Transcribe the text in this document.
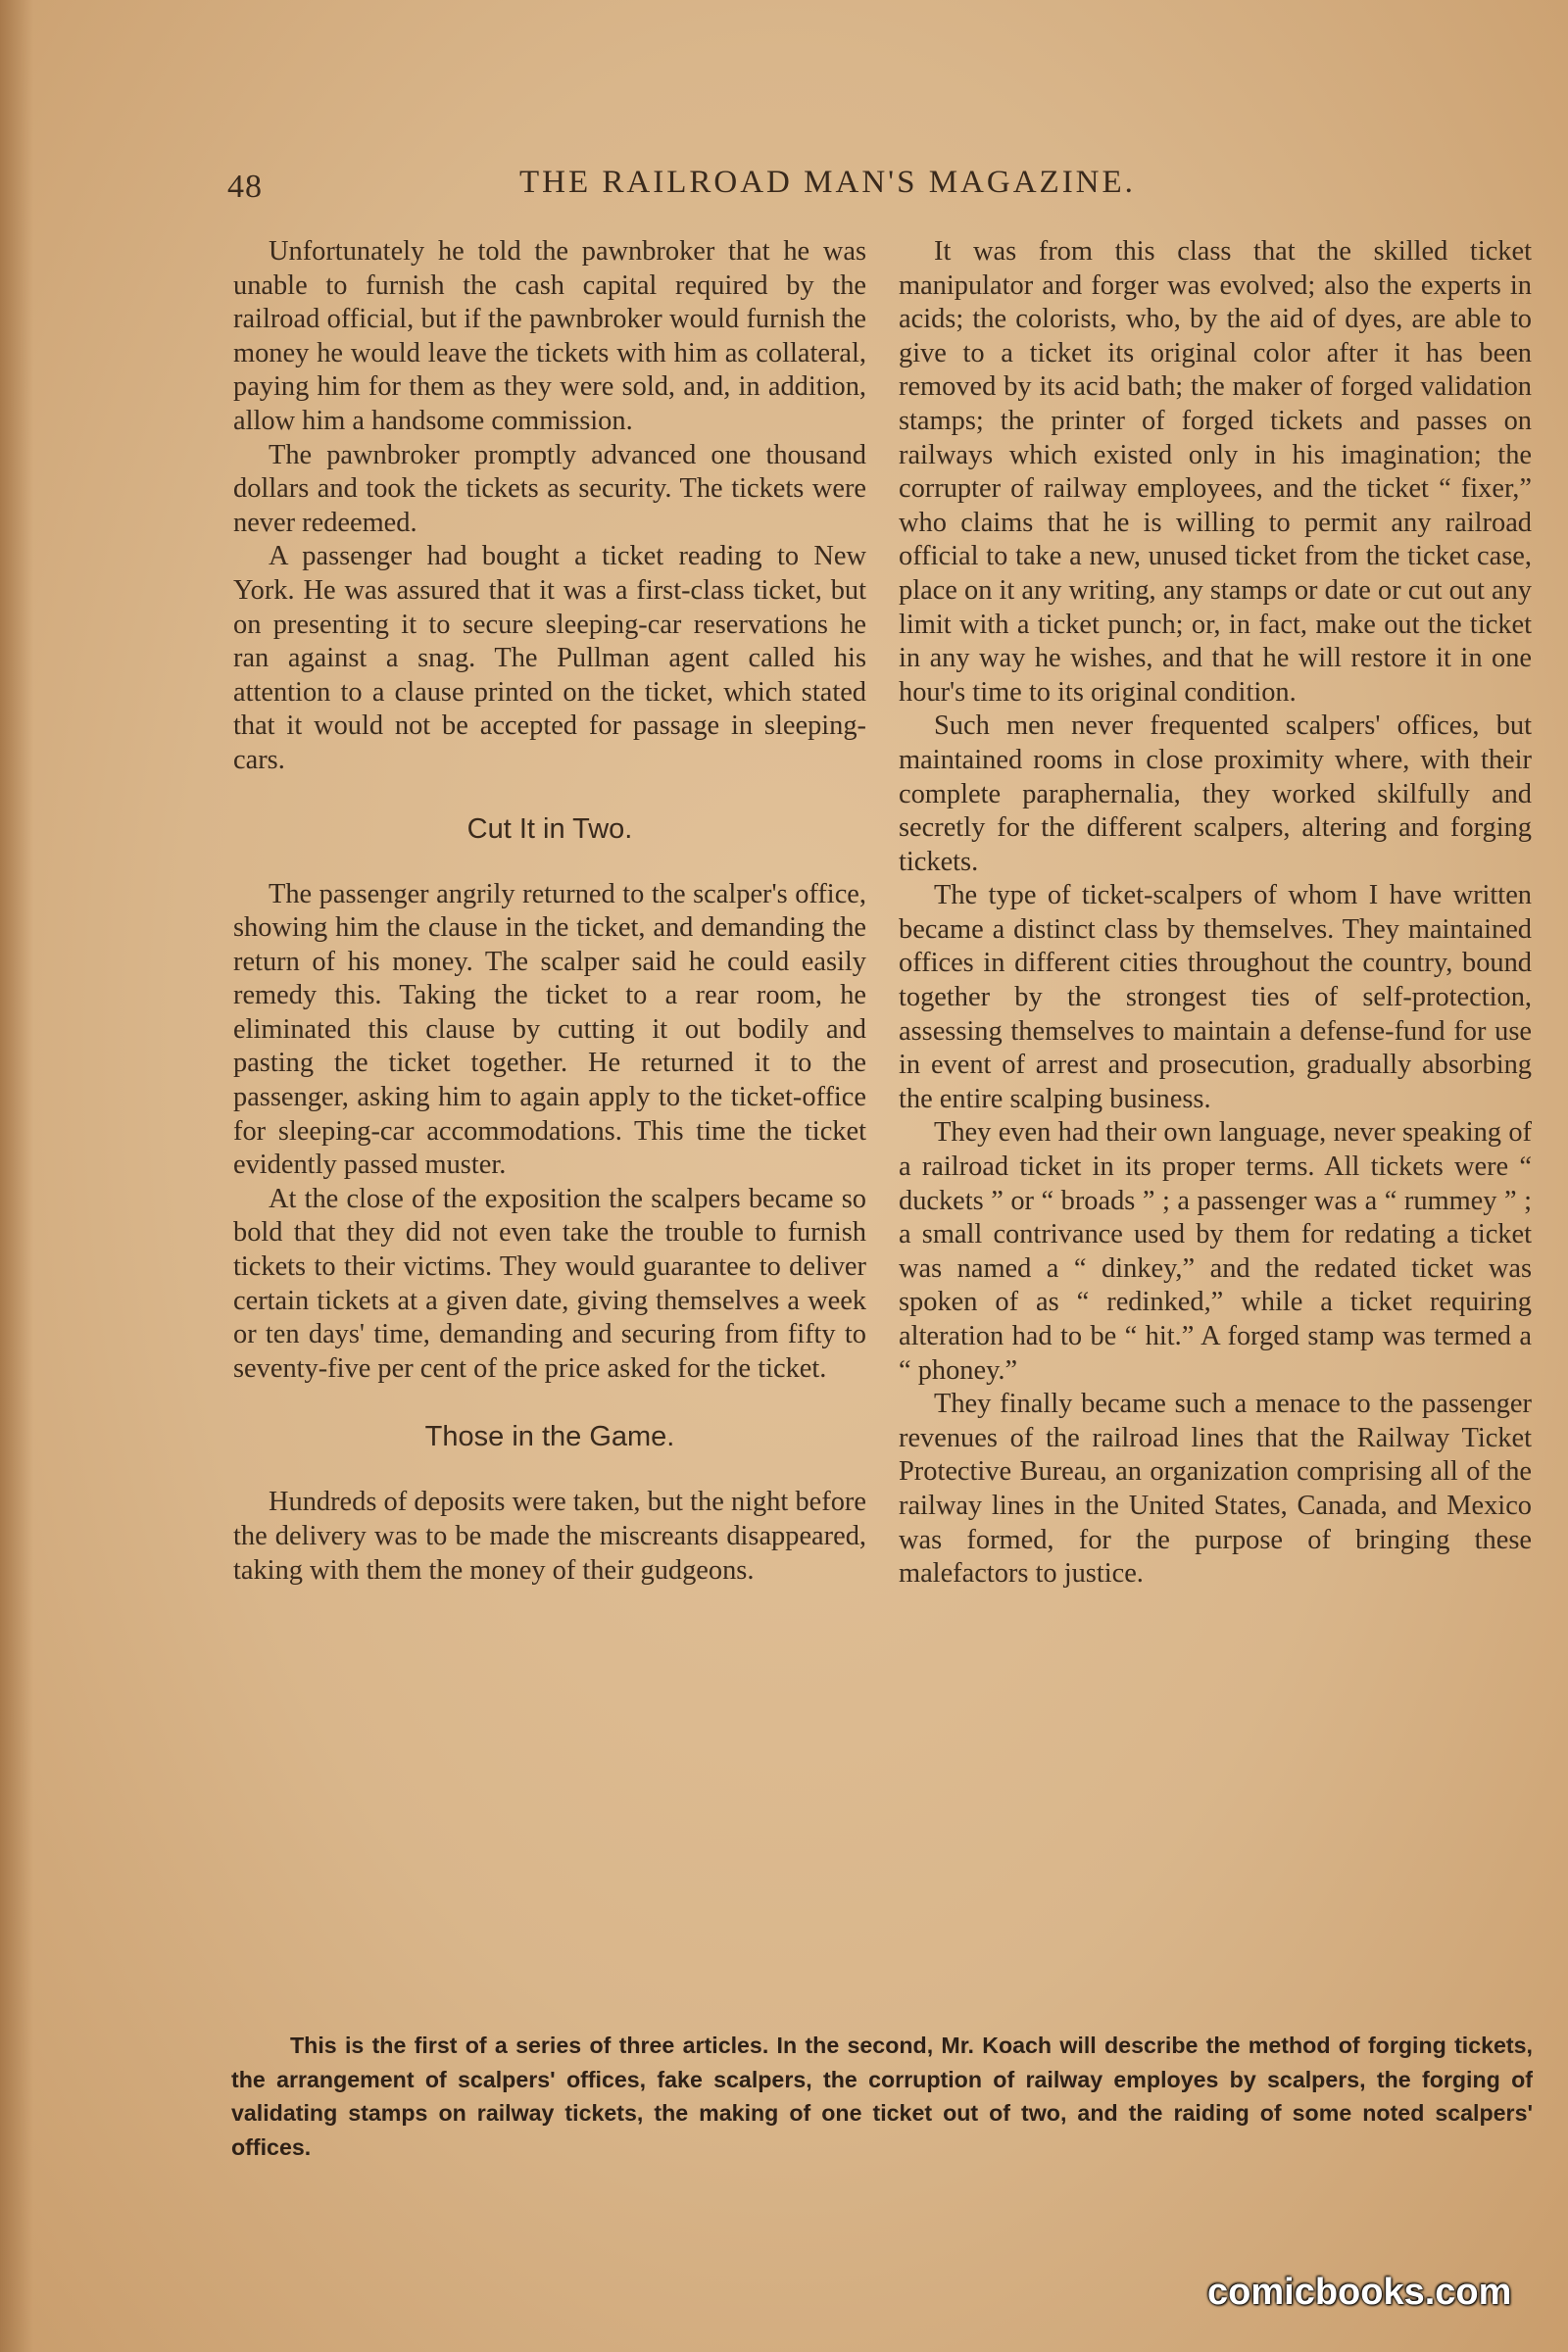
48	THE RAILROAD MAN'S MAGAZINE.

Unfortunately he told the pawnbroker that he was unable to furnish the cash capital required by the railroad official, but if the pawnbroker would furnish the money he would leave the tickets with him as collateral, paying him for them as they were sold, and, in addition, allow him a handsome commission.

The pawnbroker promptly advanced one thousand dollars and took the tickets as security. The tickets were never redeemed.

A passenger had bought a ticket reading to New York. He was assured that it was a first-class ticket, but on presenting it to secure sleeping-car reservations he ran against a snag. The Pullman agent called his attention to a clause printed on the ticket, which stated that it would not be accepted for passage in sleeping-cars.

Cut It in Two.

The passenger angrily returned to the scalper's office, showing him the clause in the ticket, and demanding the return of his money. The scalper said he could easily remedy this. Taking the ticket to a rear room, he eliminated this clause by cutting it out bodily and pasting the ticket together. He returned it to the passenger, asking him to again apply to the ticket-office for sleeping-car accommodations. This time the ticket evidently passed muster.

At the close of the exposition the scalpers became so bold that they did not even take the trouble to furnish tickets to their victims. They would guarantee to deliver certain tickets at a given date, giving themselves a week or ten days' time, demanding and securing from fifty to seventy-five per cent of the price asked for the ticket.

Those in the Game.

Hundreds of deposits were taken, but the night before the delivery was to be made the miscreants disappeared, taking with them the money of their gudgeons.

It was from this class that the skilled ticket manipulator and forger was evolved; also the experts in acids; the colorists, who, by the aid of dyes, are able to give to a ticket its original color after it has been removed by its acid bath; the maker of forged validation stamps; the printer of forged tickets and passes on railways which existed only in his imagination; the corrupter of railway employees, and the ticket “ fixer,” who claims that he is willing to permit any railroad official to take a new, unused ticket from the ticket case, place on it any writing, any stamps or date or cut out any limit with a ticket punch; or, in fact, make out the ticket in any way he wishes, and that he will restore it in one hour's time to its original condition.

Such men never frequented scalpers' offices, but maintained rooms in close proximity where, with their complete paraphernalia, they worked skilfully and secretly for the different scalpers, altering and forging tickets.

The type of ticket-scalpers of whom I have written became a distinct class by themselves. They maintained offices in different cities throughout the country, bound together by the strongest ties of self-protection, assessing themselves to maintain a defense-fund for use in event of arrest and prosecution, gradually absorbing the entire scalping business.

They even had their own language, never speaking of a railroad ticket in its proper terms. All tickets were “ duckets ” or “ broads ” ; a passenger was a “ rummey ” ; a small contrivance used by them for redating a ticket was named a “ dinkey,” and the redated ticket was spoken of as “ redinked,” while a ticket requiring alteration had to be “ hit.” A forged stamp was termed a “ phoney.”

They finally became such a menace to the passenger revenues of the railroad lines that the Railway Ticket Protective Bureau, an organization comprising all of the railway lines in the United States, Canada, and Mexico was formed, for the purpose of bringing these malefactors to justice.

This is the first of a series of three articles. In the second, Mr. Koach will describe the method of forging tickets, the arrangement of scalpers' offices, fake scalpers, the corruption of railway employes by scalpers, the forging of validating stamps on railway tickets, the making of one ticket out of two, and the raiding of some noted scalpers' offices.

comicbooks.com
